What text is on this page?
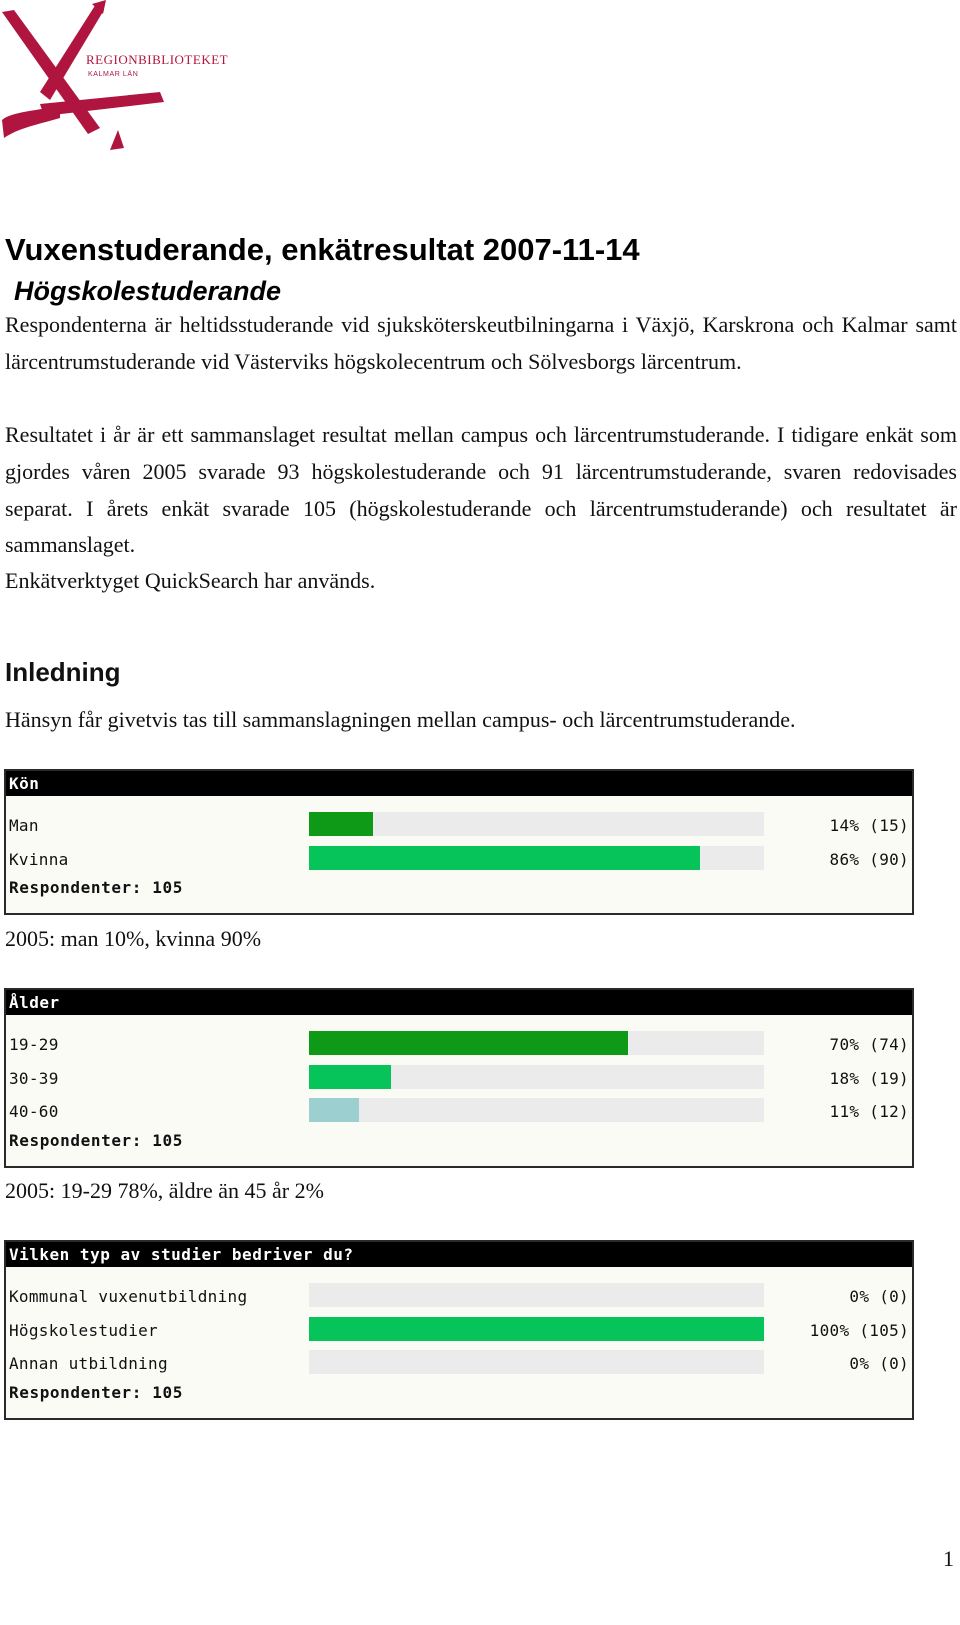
REGIONBIBLIOTEKET
KALMAR LÄN
Vuxenstuderande, enkätresultat 2007-11-14
Högskolestuderande

Respondenterna är heltidsstuderande vid sjuksköterskeutbilningarna i Växjö, Karskrona och Kalmar samt lärcentrumstuderande vid Västerviks högskolecentrum och Sölvesborgs lärcentrum.

Resultatet i år är ett sammanslaget resultat mellan campus och lärcentrumstuderande. I tidigare enkät som gjordes våren 2005 svarade 93 högskolestuderande och 91 lärcentrumstuderande, svaren redovisades separat. I årets enkät svarade 105 (högskolestuderande och lärcentrumstuderande) och resultatet är sammanslaget.

Enkätverktyget QuickSearch har används.

Inledning

Hänsyn får givetvis tas till sammanslagningen mellan campus- och lärcentrumstuderande.

Kön
Man	14% (15)
Kvinna	86% (90)
Respondenter: 105

2005: man 10%, kvinna 90%

Ålder
19-29	70% (74)
30-39	18% (19)
40-60	11% (12)
Respondenter: 105

2005: 19-29 78%, äldre än 45 år 2%

Vilken typ av studier bedriver du?
Kommunal vuxenutbildning	0% (0)
Högskolestudier	100% (105)
Annan utbildning	0% (0)
Respondenter: 105
1
